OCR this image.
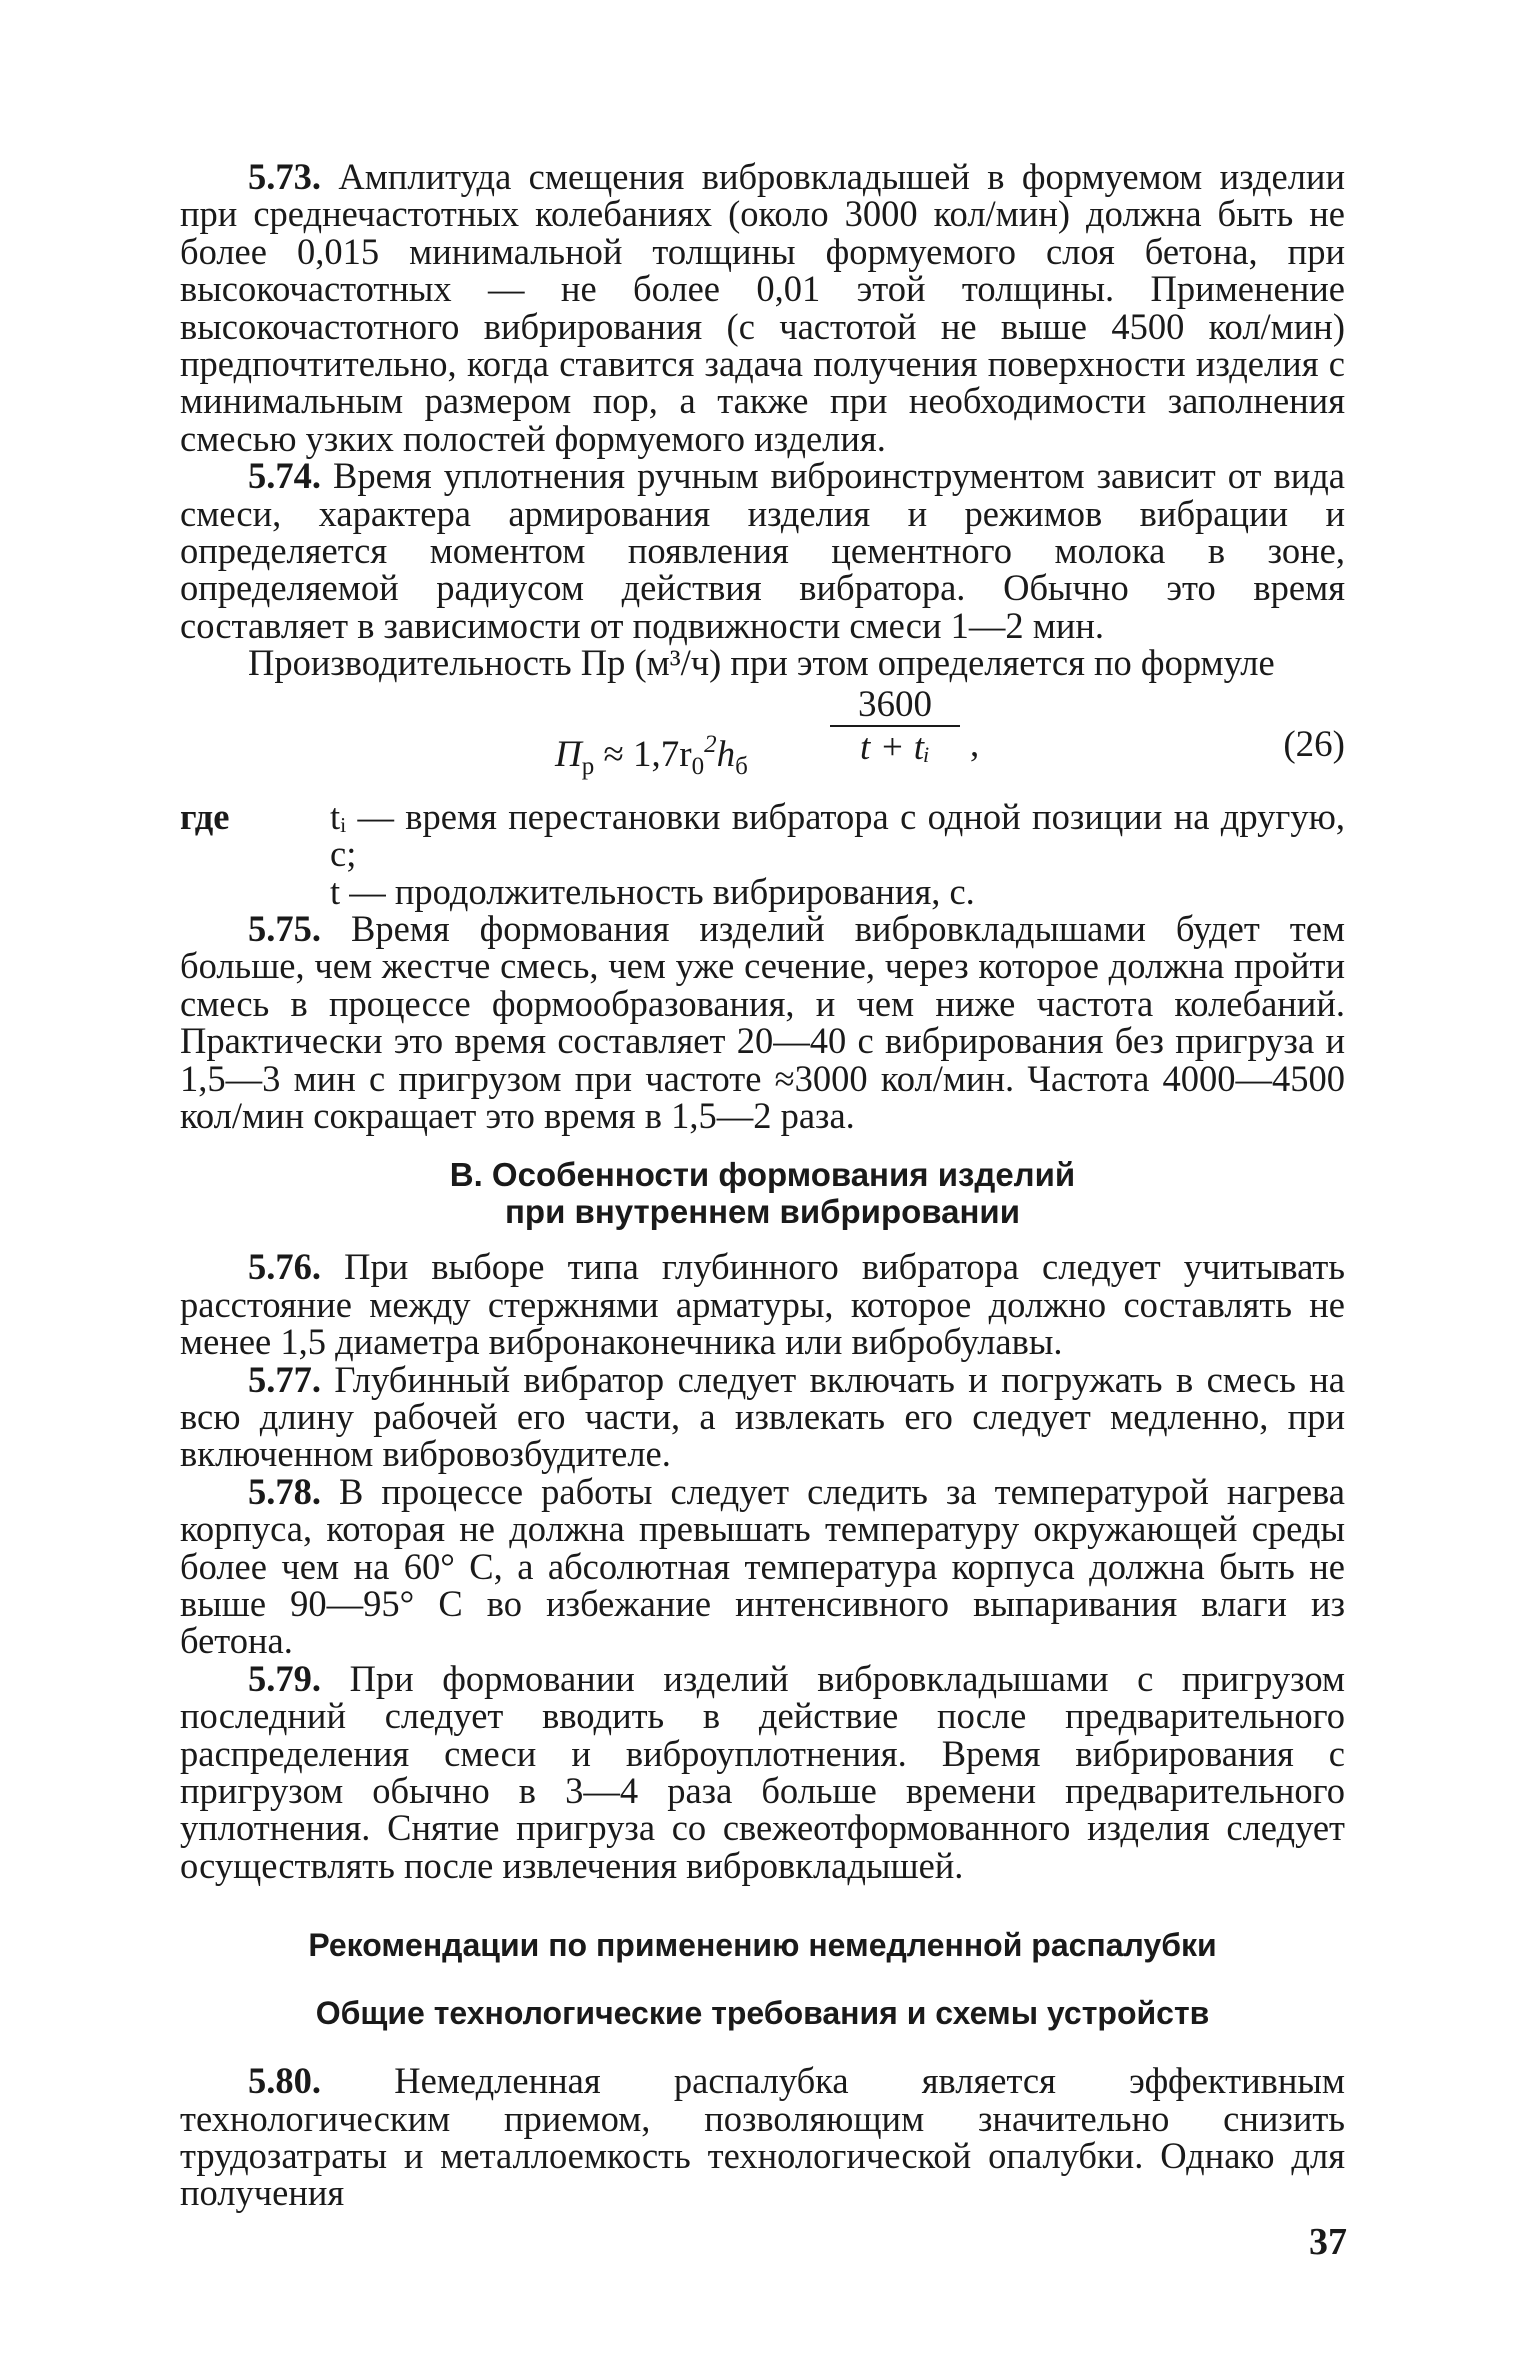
5.73. Амплитуда смещения вибровкладышей в формуемом изделии при среднечастотных колебаниях (около 3000 кол/мин) должна быть не более 0,015 минимальной толщины формуемого слоя бетона, при высокочастотных — не более 0,01 этой толщины. Применение высокочастотного вибрирования (с частотой не выше 4500 кол/мин) предпочтительно, когда ставится задача получения поверхности изделия с минимальным размером пор, а также при необходимости заполнения смесью узких полостей формуемого изделия.

5.74. Время уплотнения ручным виброинструментом зависит от вида смеси, характера армирования изделия и режимов вибрации и определяется моментом появления цементного молока в зоне, определяемой радиусом действия вибратора. Обычно это время составляет в зависимости от подвижности смеси 1—2 мин.

Производительность Пр (м³/ч) при этом определяется по формуле

$П_р \approx 1,7r_0^2h_б \frac{3600}{\text{t + tᵢ}}$ ,	(26)

где	tᵢ — время перестановки вибратора с одной позиции на другую, с;

t — продолжительность вибрирования, с.

5.75. Время формования изделий вибровкладышами будет тем больше, чем жестче смесь, чем уже сечение, через которое должна пройти смесь в процессе формообразования, и чем ниже частота колебаний. Практически это время составляет 20—40 с вибрирования без пригруза и 1,5—3 мин с пригрузом при частоте ≈3000 кол/мин. Частота 4000—4500 кол/мин сокращает это время в 1,5—2 раза.

В. Особенности формования изделий
при внутреннем вибрировании

5.76. При выборе типа глубинного вибратора следует учитывать расстояние между стержнями арматуры, которое должно составлять не менее 1,5 диаметра вибронаконечника или вибробулавы.

5.77. Глубинный вибратор следует включать и погружать в смесь на всю длину рабочей его части, а извлекать его следует медленно, при включенном вибровозбудителе.

5.78. В процессе работы следует следить за температурой нагрева корпуса, которая не должна превышать температуру окружающей среды более чем на 60° С, а абсолютная температура корпуса должна быть не выше 90—95° С во избежание интенсивного выпаривания влаги из бетона.

5.79. При формовании изделий вибровкладышами с пригрузом последний следует вводить в действие после предварительного распределения смеси и виброуплотнения. Время вибрирования с пригрузом обычно в 3—4 раза больше времени предварительного уплотнения. Снятие пригруза со свежеотформованного изделия следует осуществлять после извлечения вибровкладышей.

Рекомендации по применению немедленной распалубки

Общие технологические требования и схемы устройств

5.80. Немедленная распалубка является эффективным технологическим приемом, позволяющим значительно снизить трудозатраты и металлоемкость технологической опалубки. Однако для получения

37
